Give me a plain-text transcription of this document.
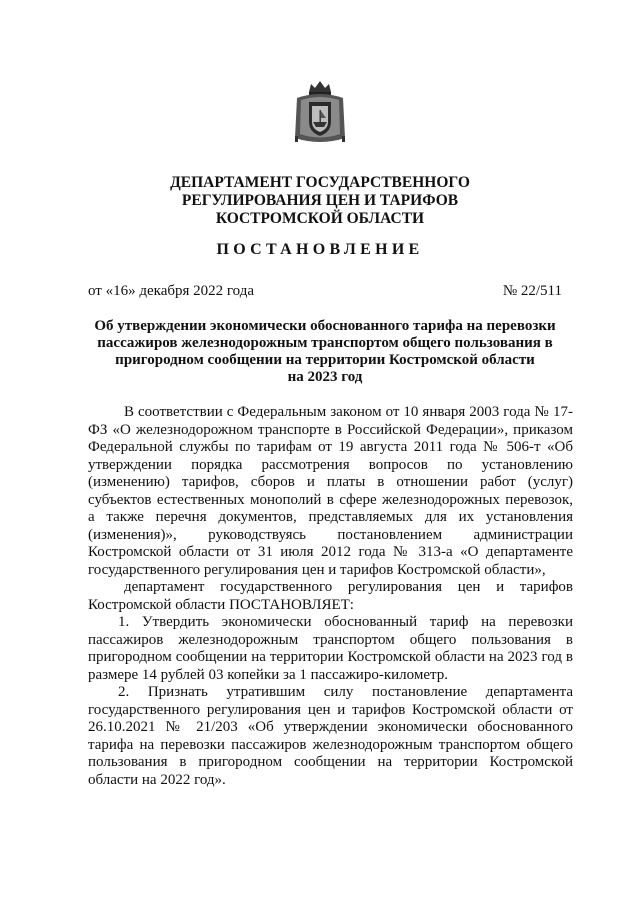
ДЕПАРТАМЕНТ ГОСУДАРСТВЕННОГО
РЕГУЛИРОВАНИЯ ЦЕН И ТАРИФОВ
КОСТРОМСКОЙ ОБЛАСТИ
ПОСТАНОВЛЕНИЕ
от «16» декабря 2022 года	№ 22/511
Об утверждении экономически обоснованного тарифа на перевозки
пассажиров железнодорожным транспортом общего пользования в
пригородном сообщении на территории Костромской области
на 2023 год

В соответствии с Федеральным законом от 10 января 2003 года № 17-ФЗ «О железнодорожном транспорте в Российской Федерации», приказом Федеральной службы по тарифам от 19 августа 2011 года № 506-т «Об утверждении порядка рассмотрения вопросов по установлению (изменению) тарифов, сборов и платы в отношении работ (услуг) субъектов естественных монополий в сфере железнодорожных перевозок, а также перечня документов, представляемых для их установления (изменения)», руководствуясь постановлением администрации Костромской области от 31 июля 2012 года № 313-а «О департаменте государственного регулирования цен и тарифов Костромской области»,

департамент государственного регулирования цен и тарифов Костромской области ПОСТАНОВЛЯЕТ:

1. Утвердить экономически обоснованный тариф на перевозки пассажиров железнодорожным транспортом общего пользования в пригородном сообщении на территории Костромской области на 2023 год в размере 14 рублей 03 копейки за 1 пассажиро-километр.

2. Признать утратившим силу постановление департамента государственного регулирования цен и тарифов Костромской области от 26.10.2021 № 21/203 «Об утверждении экономически обоснованного тарифа на перевозки пассажиров железнодорожным транспортом общего пользования в пригородном сообщении на территории Костромской области на 2022 год».
